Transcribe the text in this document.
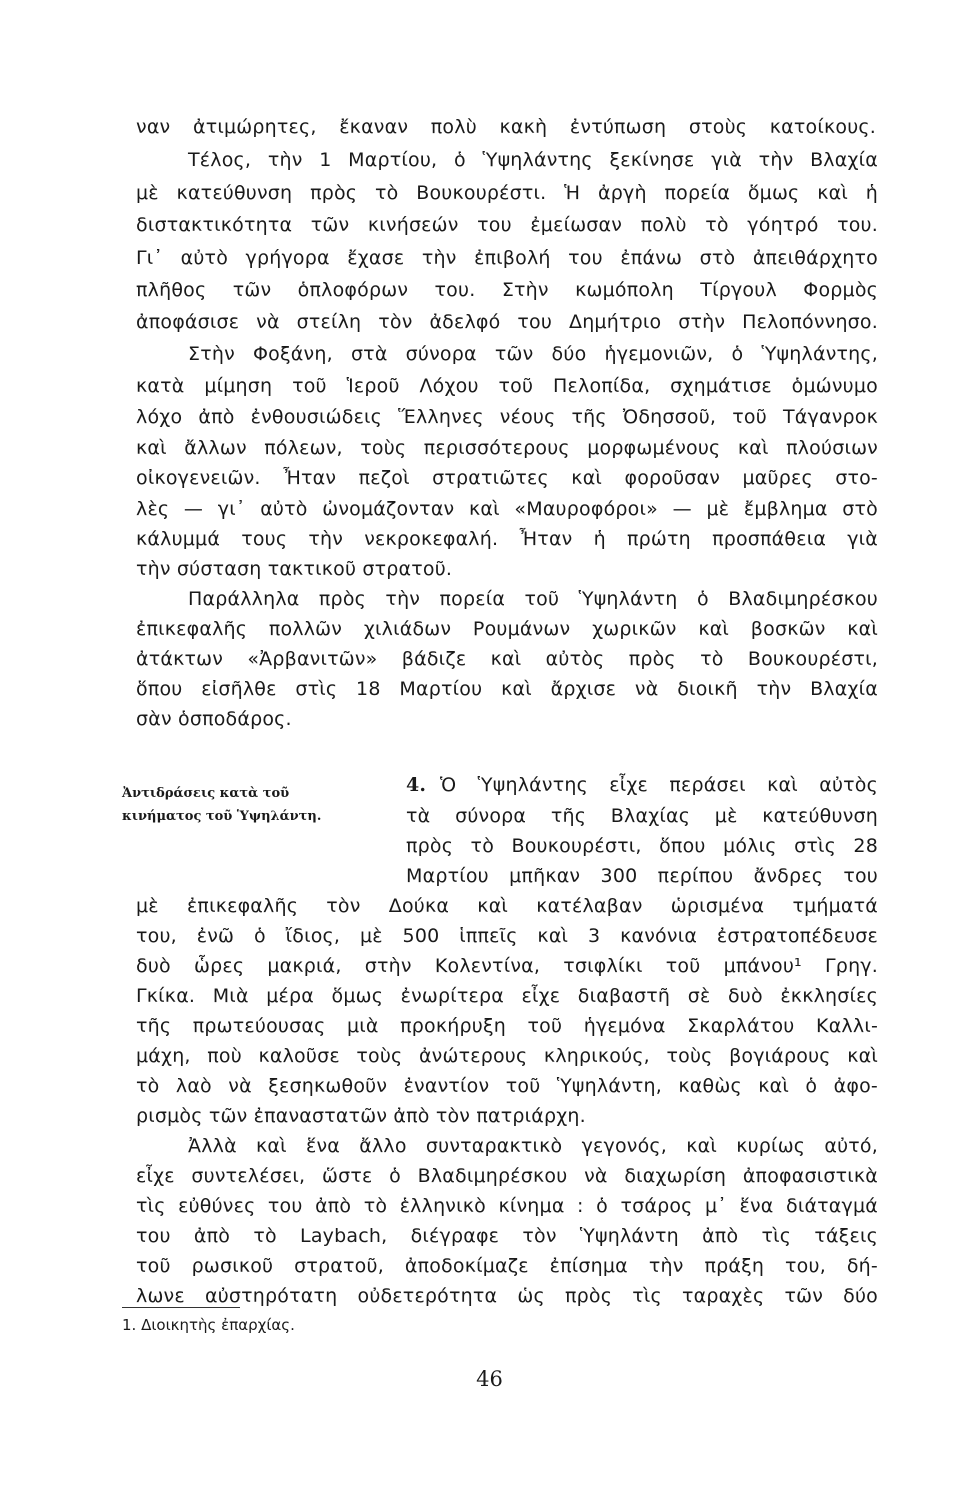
ναν ἀτιμώρητες, ἔκαναν πολὺ κακὴ ἐντύπωση στοὺς κατοίκους.
Τέλος, τὴν 1 Μαρτίου, ὁ Ὑψηλάντης ξεκίνησε γιὰ τὴν Βλαχία
μὲ κατεύθυνση πρὸς τὸ Βουκουρέστι. Ἡ ἀργὴ πορεία ὅμως καὶ ἡ
διστακτικότητα τῶν κινήσεών του ἐμείωσαν πολὺ τὸ γόητρό του.
Γι᾽ αὐτὸ γρήγορα ἔχασε τὴν ἐπιβολή του ἐπάνω στὸ ἀπειθάρχητο
πλῆθος τῶν ὁπλοφόρων του. Στὴν κωμόπολη Τίργουλ Φορμὸς
ἀποφάσισε νὰ στείλη τὸν ἀδελφό του Δημήτριο στὴν Πελοπόννησο.
Στὴν Φοξάνη, στὰ σύνορα τῶν δύο ἡγεμονιῶν, ὁ Ὑψηλάντης,
κατὰ μίμηση τοῦ Ἱεροῦ Λόχου τοῦ Πελοπίδα, σχημάτισε ὁμώνυμο
λόχο ἀπὸ ἐνθουσιώδεις Ἕλληνες νέους τῆς Ὀδησσοῦ, τοῦ Τάγανροκ
καὶ ἄλλων πόλεων, τοὺς περισσότερους μορφωμένους καὶ πλούσιων
οἰκογενειῶν. Ἦταν πεζοὶ στρατιῶτες καὶ φοροῦσαν μαῦρες στο-
λὲς — γι᾽ αὐτὸ ὠνομάζονταν καὶ «Μαυροφόροι» — μὲ ἔμβλημα στὸ
κάλυμμά τους τὴν νεκροκεφαλή. Ἦταν ἡ πρώτη προσπάθεια γιὰ
τὴν σύσταση τακτικοῦ στρατοῦ.
Παράλληλα πρὸς τὴν πορεία τοῦ Ὑψηλάντη ὁ Βλαδιμηρέσκου
ἐπικεφαλῆς πολλῶν χιλιάδων Ρουμάνων χωρικῶν καὶ βοσκῶν καὶ
ἀτάκτων «Ἀρβανιτῶν» βάδιζε καὶ αὐτὸς πρὸς τὸ Βουκουρέστι,
ὅπου εἰσῆλθε στὶς 18 Μαρτίου καὶ ἄρχισε νὰ διοικῆ τὴν Βλαχία
σὰν ὁσποδάρος.
4. Ὁ Ὑψηλάντης εἶχε περάσει καὶ αὐτὸς
τὰ σύνορα τῆς Βλαχίας μὲ κατεύθυνση
πρὸς τὸ Βουκουρέστι, ὅπου μόλις στὶς 28
Μαρτίου μπῆκαν 300 περίπου ἄνδρες του
μὲ ἐπικεφαλῆς τὸν Δούκα καὶ κατέλαβαν ὡρισμένα τμήματά
του, ἐνῶ ὁ ἴδιος, μὲ 500 ἱππεῖς καὶ 3 κανόνια ἐστρατοπέδευσε
δυὸ ὧρες μακριά, στὴν Κολεντίνα, τσιφλίκι τοῦ μπάνου¹ Γρηγ.
Γκίκα. Μιὰ μέρα ὅμως ἐνωρίτερα εἶχε διαβαστῆ σὲ δυὸ ἐκκλησίες
τῆς πρωτεύουσας μιὰ προκήρυξη τοῦ ἡγεμόνα Σκαρλάτου Καλλι-
μάχη, ποὺ καλοῦσε τοὺς ἀνώτερους κληρικούς, τοὺς βογιάρους καὶ
τὸ λαὸ νὰ ξεσηκωθοῦν ἐναντίον τοῦ Ὑψηλάντη, καθὼς καὶ ὁ ἀφο-
ρισμὸς τῶν ἐπαναστατῶν ἀπὸ τὸν πατριάρχη.
Ἀλλὰ καὶ ἕνα ἄλλο συνταρακτικὸ γεγονός, καὶ κυρίως αὐτό,
εἶχε συντελέσει, ὥστε ὁ Βλαδιμηρέσκου νὰ διαχωρίση ἀποφασιστικὰ
τὶς εὐθύνες του ἀπὸ τὸ ἑλληνικὸ κίνημα : ὁ τσάρος μ᾽ ἕνα διάταγμά
του ἀπὸ τὸ Laybach, διέγραφε τὸν Ὑψηλάντη ἀπὸ τὶς τάξεις
τοῦ ρωσικοῦ στρατοῦ, ἀποδοκίμαζε ἐπίσημα τὴν πράξη του, δή-
λωνε αὐστηρότατη οὐδετερότητα ὡς πρὸς τὶς ταραχὲς τῶν δύο
Ἀντιδράσεις κατὰ τοῦ
κινήματος τοῦ Ὑψηλάντη.
1. Διοικητὴς ἐπαρχίας.
46
